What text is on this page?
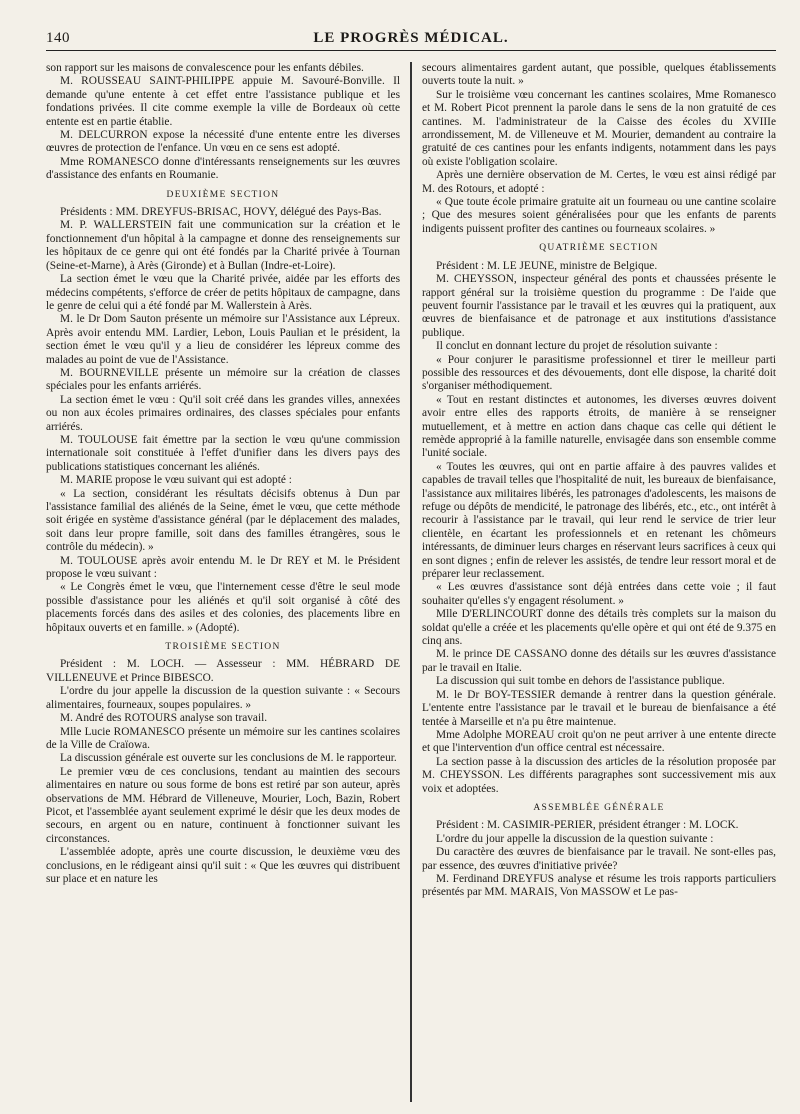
140	LE PROGRÈS MÉDICAL.

son rapport sur les maisons de convalescence pour les enfants débiles.

M. ROUSSEAU SAINT-PHILIPPE appuie M. Savouré-Bonville. Il demande qu'une entente à cet effet entre l'assistance publique et les fondations privées. Il cite comme exemple la ville de Bordeaux où cette entente est en partie établie.

M. DELCURRON expose la nécessité d'une entente entre les diverses œuvres de protection de l'enfance. Un vœu en ce sens est adopté.

Mme ROMANESCO donne d'intéressants renseignements sur les œuvres d'assistance des enfants en Roumanie.

DEUXIÈME SECTION

Présidents : MM. DREYFUS-BRISAC, HOVY, délégué des Pays-Bas.

M. P. WALLERSTEIN fait une communication sur la création et le fonctionnement d'un hôpital à la campagne et donne des renseignements sur les hôpitaux de ce genre qui ont été fondés par la Charité privée à Tournan (Seine-et-Marne), à Arès (Gironde) et à Bullan (Indre-et-Loire).

La section émet le vœu que la Charité privée, aidée par les efforts des médecins compétents, s'efforce de créer de petits hôpitaux de campagne, dans le genre de celui qui a été fondé par M. Wallerstein à Arès.

M. le Dr Dom Sauton présente un mémoire sur l'Assistance aux Lépreux. Après avoir entendu MM. Lardier, Lebon, Louis Paulian et le président, la section émet le vœu qu'il y a lieu de considérer les lépreux comme des malades au point de vue de l'Assistance.

M. BOURNEVILLE présente un mémoire sur la création de classes spéciales pour les enfants arriérés.

La section émet le vœu : Qu'il soit créé dans les grandes villes, annexées ou non aux écoles primaires ordinaires, des classes spéciales pour enfants arriérés.

M. TOULOUSE fait émettre par la section le vœu qu'une commission internationale soit constituée à l'effet d'unifier dans les divers pays des publications statistiques concernant les aliénés.

M. MARIE propose le vœu suivant qui est adopté :

« La section, considérant les résultats décisifs obtenus à Dun par l'assistance familial des aliénés de la Seine, émet le vœu, que cette méthode soit érigée en système d'assistance général (par le déplacement des malades, soit dans leur propre famille, soit dans des familles étrangères, sous le contrôle du médecin). »

M. TOULOUSE après avoir entendu M. le Dr REY et M. le Président propose le vœu suivant :

« Le Congrès émet le vœu, que l'internement cesse d'être le seul mode possible d'assistance pour les aliénés et qu'il soit organisé à côté des placements forcés dans des asiles et des colonies, des placements libre en hôpitaux ouverts et en famille. » (Adopté).

TROISIÈME SECTION

Président : M. LOCH. — Assesseur : MM. HÉBRARD DE VILLENEUVE et Prince BIBESCO.

L'ordre du jour appelle la discussion de la question suivante : « Secours alimentaires, fourneaux, soupes populaires. »

M. André des ROTOURS analyse son travail.

Mlle Lucie ROMANESCO présente un mémoire sur les cantines scolaires de la Ville de Craïowa.

La discussion générale est ouverte sur les conclusions de M. le rapporteur.

Le premier vœu de ces conclusions, tendant au maintien des secours alimentaires en nature ou sous forme de bons est retiré par son auteur, après observations de MM. Hébrard de Villeneuve, Mourier, Loch, Bazin, Robert Picot, et l'assemblée ayant seulement exprimé le désir que les deux modes de secours, en argent ou en nature, continuent à fonctionner suivant les circonstances.

L'assemblée adopte, après une courte discussion, le deuxième vœu des conclusions, en le rédigeant ainsi qu'il suit : « Que les œuvres qui distribuent sur place et en nature les

secours alimentaires gardent autant, que possible, quelques établissements ouverts toute la nuit. »

Sur le troisième vœu concernant les cantines scolaires, Mme Romanesco et M. Robert Picot prennent la parole dans le sens de la non gratuité de ces cantines. M. l'administrateur de la Caisse des écoles du XVIIIe arrondissement, M. de Villeneuve et M. Mourier, demandent au contraire la gratuité de ces cantines pour les enfants indigents, notamment dans les pays où existe l'obligation scolaire.

Après une dernière observation de M. Certes, le vœu est ainsi rédigé par M. des Rotours, et adopté :

« Que toute école primaire gratuite ait un fourneau ou une cantine scolaire ; Que des mesures soient généralisées pour que les enfants de parents indigents puissent profiter des cantines ou fourneaux scolaires. »

QUATRIÈME SECTION

Président : M. LE JEUNE, ministre de Belgique.

M. CHEYSSON, inspecteur général des ponts et chaussées présente le rapport général sur la troisième question du programme : De l'aide que peuvent fournir l'assistance par le travail et les œuvres qui la pratiquent, aux œuvres de bienfaisance et de patronage et aux institutions d'assistance publique.

Il conclut en donnant lecture du projet de résolution suivante :

« Pour conjurer le parasitisme professionnel et tirer le meilleur parti possible des ressources et des dévouements, dont elle dispose, la charité doit s'organiser méthodiquement.

« Tout en restant distinctes et autonomes, les diverses œuvres doivent avoir entre elles des rapports étroits, de manière à se renseigner mutuellement, et à mettre en action dans chaque cas celle qui détient le remède approprié à la famille naturelle, envisagée dans son ensemble comme l'unité sociale.

« Toutes les œuvres, qui ont en partie affaire à des pauvres valides et capables de travail telles que l'hospitalité de nuit, les bureaux de bienfaisance, l'assistance aux militaires libérés, les patronages d'adolescents, les maisons de refuge ou dépôts de mendicité, le patronage des libérés, etc., etc., ont intérêt à recourir à l'assistance par le travail, qui leur rend le service de trier leur clientèle, en écartant les professionnels et en retenant les chômeurs intéressants, de diminuer leurs charges en réservant leurs sacrifices à ceux qui en sont dignes ; enfin de relever les assistés, de tendre leur ressort moral et de préparer leur reclassement.

« Les œuvres d'assistance sont déjà entrées dans cette voie ; il faut souhaiter qu'elles s'y engagent résolument. »

Mlle D'ERLINCOURT donne des détails très complets sur la maison du soldat qu'elle a créée et les placements qu'elle opère et qui ont été de 9.375 en cinq ans.

M. le prince DE CASSANO donne des détails sur les œuvres d'assistance par le travail en Italie.

La discussion qui suit tombe en dehors de l'assistance publique.

M. le Dr BOY-TESSIER demande à rentrer dans la question générale. L'entente entre l'assistance par le travail et le bureau de bienfaisance a été tentée à Marseille et n'a pu être maintenue.

Mme Adolphe MOREAU croit qu'on ne peut arriver à une entente directe et que l'intervention d'un office central est nécessaire.

La section passe à la discussion des articles de la résolution proposée par M. CHEYSSON. Les différents paragraphes sont successivement mis aux voix et adoptées.

ASSEMBLÉE GÉNÉRALE

Président : M. CASIMIR-PERIER, président étranger : M. LOCK.

L'ordre du jour appelle la discussion de la question suivante :

Du caractère des œuvres de bienfaisance par le travail. Ne sont-elles pas, par essence, des œuvres d'initiative privée?

M. Ferdinand DREYFUS analyse et résume les trois rapports particuliers présentés par MM. MARAIS, Von MASSOW et Le pas-
